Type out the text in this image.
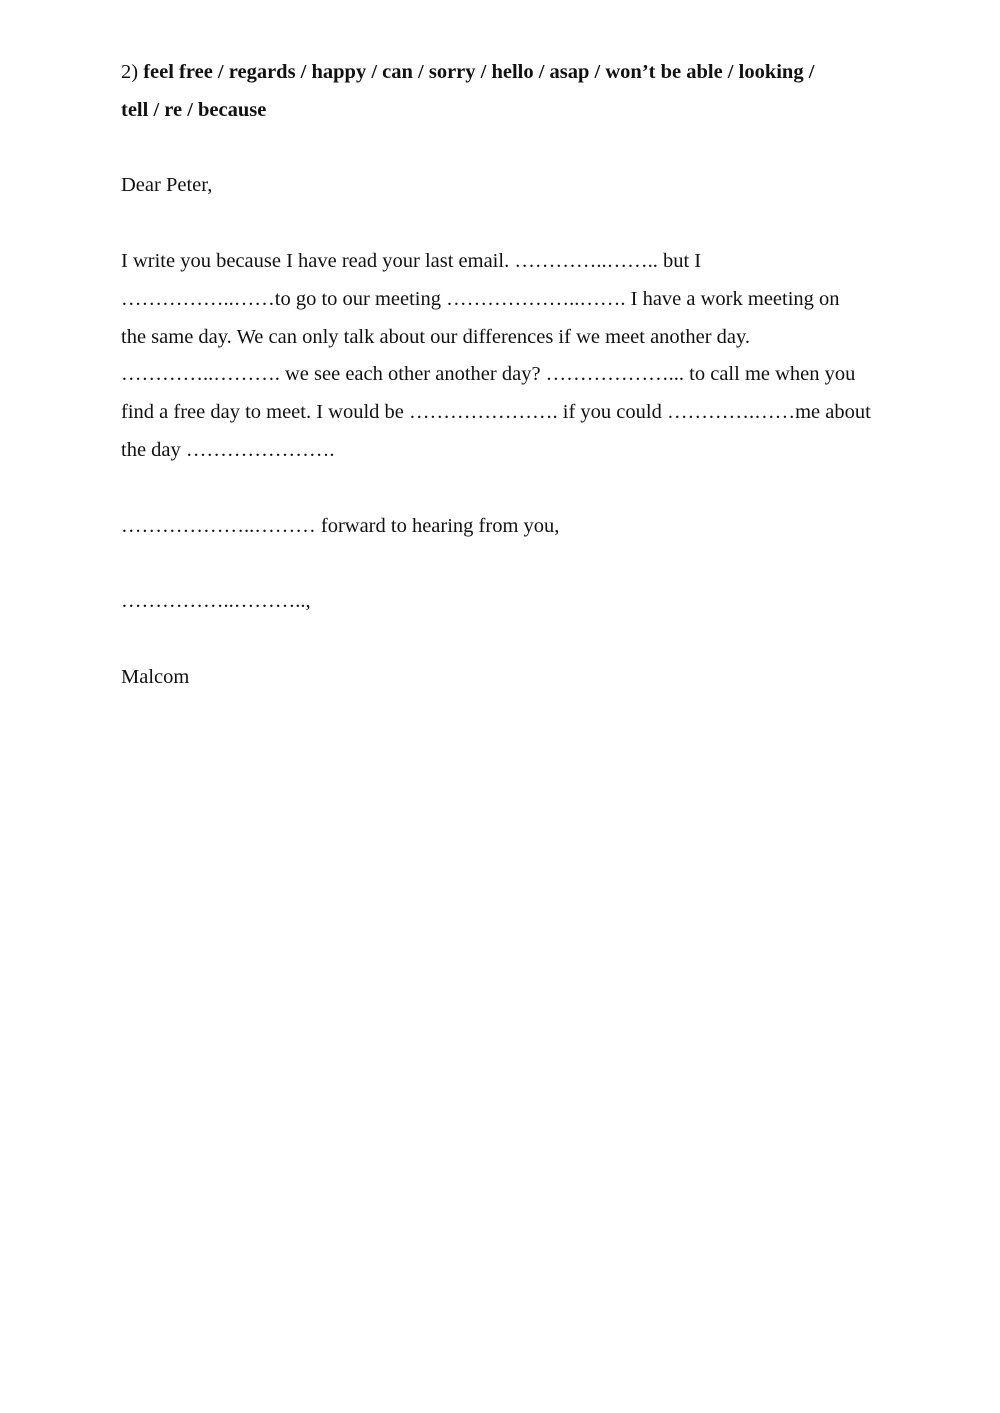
2) feel free / regards / happy / can / sorry / hello / asap / won’t be able / looking /
tell / re / because
Dear Peter,
I write you because I have read your last email. …………..…….. but I
……………..……to go to our meeting ………………..……. I have a work meeting on
the same day. We can only talk about our differences if we meet another day.
…………..………. we see each other another day? ………………... to call me when you
find a free day to meet. I would be …………………. if you could ………….……me about
the day ………………….
………………..……… forward to hearing from you,
……………..………..,
Malcom
